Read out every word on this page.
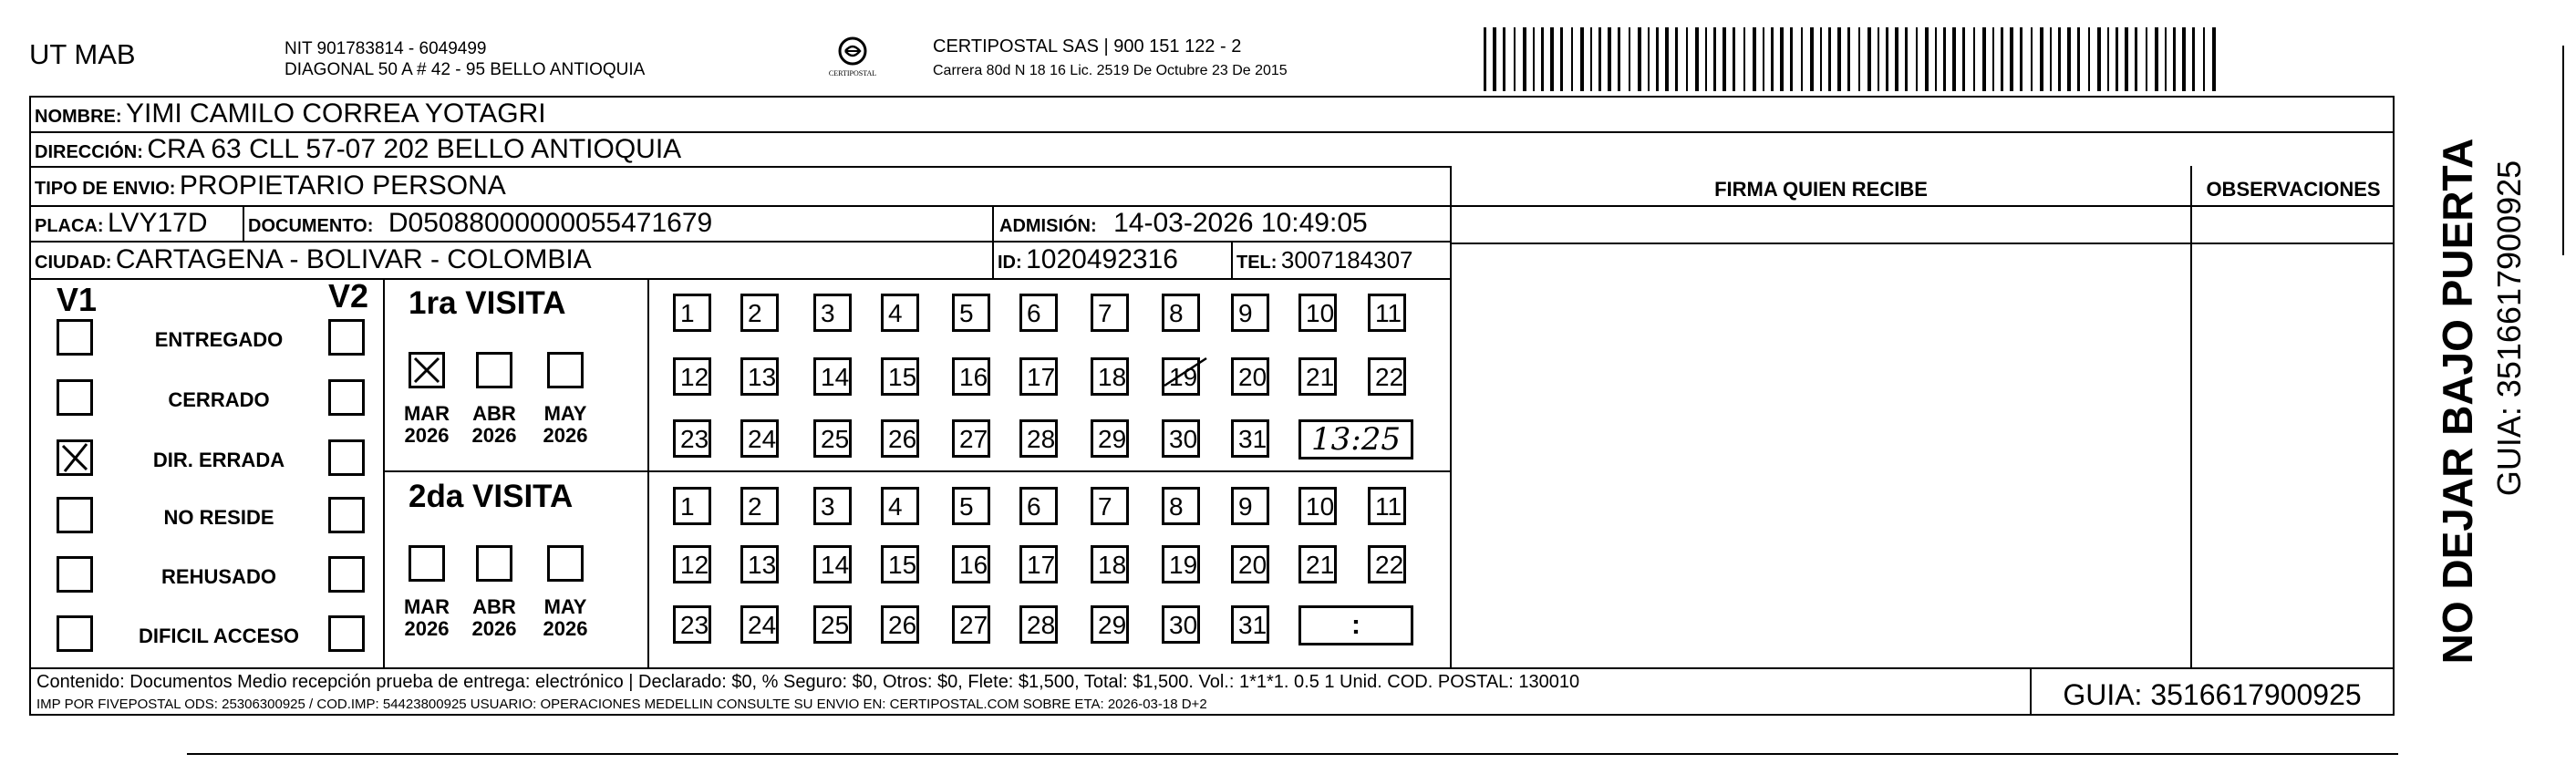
UT MAB	NIT 901783814 - 6049499
DIAGONAL 50 A # 42 - 95 BELLO ANTIOQUIA	CERTIPOSTAL
CERTIPOSTAL SAS | 900 151 122 - 2
Carrera 80d N 18 16 Lic. 2519 De Octubre 23 De 2015
NOMBRE: YIMI CAMILO CORREA YOTAGRI
DIRECCIÓN: CRA 63 CLL 57-07 202 BELLO ANTIOQUIA
TIPO DE ENVIO: PROPIETARIO PERSONA	FIRMA QUIEN RECIBE	OBSERVACIONES
PLACA: LVY17D DOCUMENTO: D05088000000055471679	ADMISIÓN: 14-03-2026 10:49:05
CIUDAD: CARTAGENA - BOLIVAR - COLOMBIA	ID: 1020492316	TEL: 3007184307
V1	V2
ENTREGADO
CERRADO
DIR. ERRADA
NO RESIDE
REHUSADO
DIFICIL ACCESO
1ra VISITA
MAR
2026
ABR
2026
MAY
2026
1	2	3	4	5	6	7	8	9	10 11
12 13 14 15 16 17 18 19 20 21 22
23 24 25 26 27 28 29 30 31	13:25
2da VISITA
MAR
2026
ABR
2026
MAY
2026
1	2	3	4	5	6	7	8	9	10 11
12 13 14 15 16 17 18 19 20 21 22
23 24 25 26 27 28 29 30 31	:
Contenido: Documentos Medio recepción prueba de entrega: electrónico | Declarado: $0, % Seguro: $0, Otros: $0, Flete: $1,500, Total: $1,500. Vol.: 1*1*1. 0.5 1 Unid. COD. POSTAL: 130010
IMP POR FIVEPOSTAL ODS: 25306300925 / COD.IMP: 54423800925 USUARIO: OPERACIONES MEDELLIN CONSULTE SU ENVIO EN: CERTIPOSTAL.COM SOBRE ETA: 2026-03-18 D+2	GUIA: 3516617900925
NO DEJAR BAJO PUERTA GUIA: 3516617900925
